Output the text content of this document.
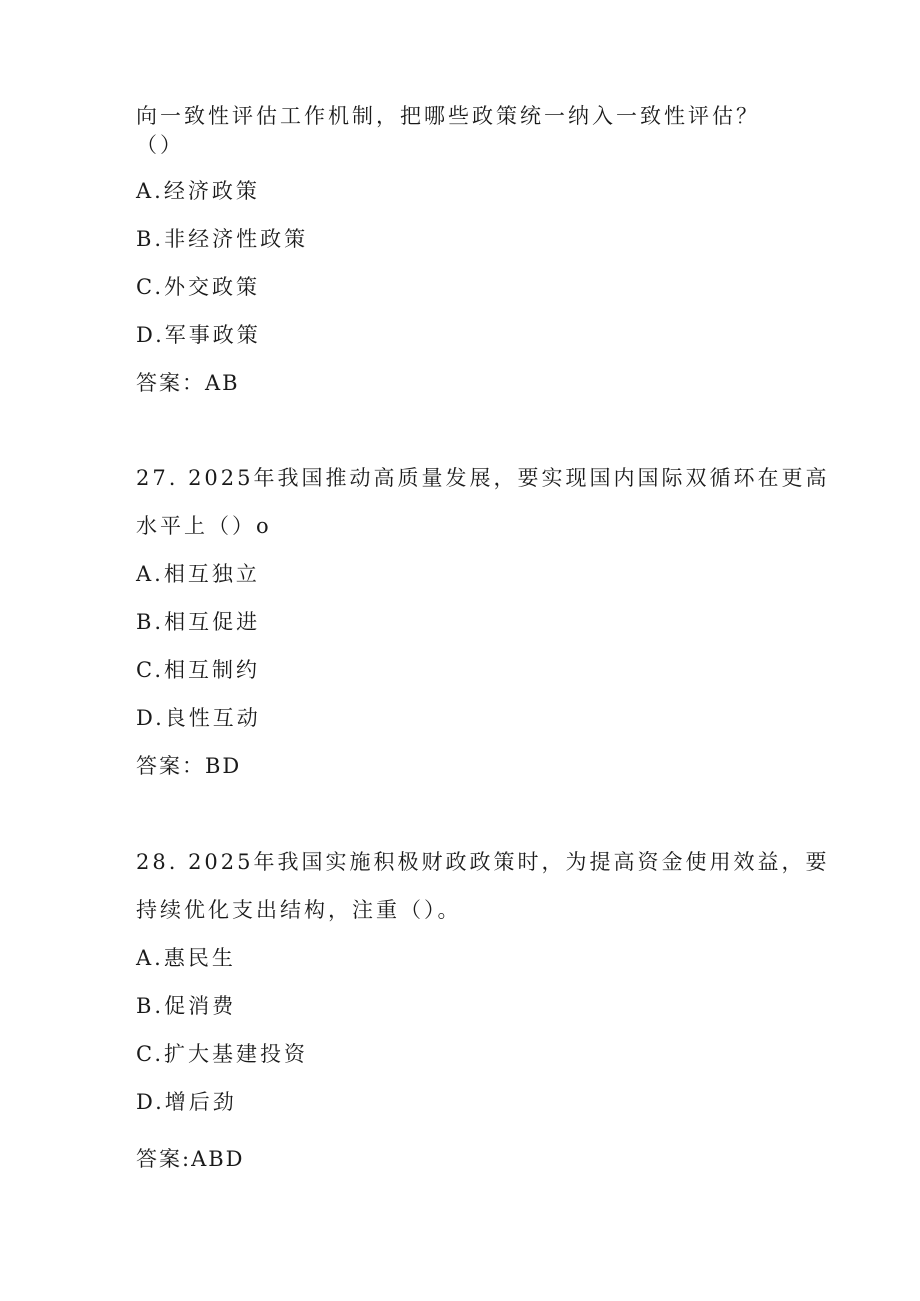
向一致性评估工作机制，把哪些政策统一纳入一致性评估？
（）
A.经济政策
B.非经济性政策
C.外交政策
D.军事政策
答案：AB
27. 2025年我国推动高质量发展，要实现国内国际双循环在更高
水平上（）o
A.相互独立
B.相互促进
C.相互制约
D.良性互动
答案：BD
28. 2025年我国实施积极财政政策时，为提高资金使用效益，要
持续优化支出结构，注重（）。
A.惠民生
B.促消费
C.扩大基建投资
D.增后劲
答案:ABD
